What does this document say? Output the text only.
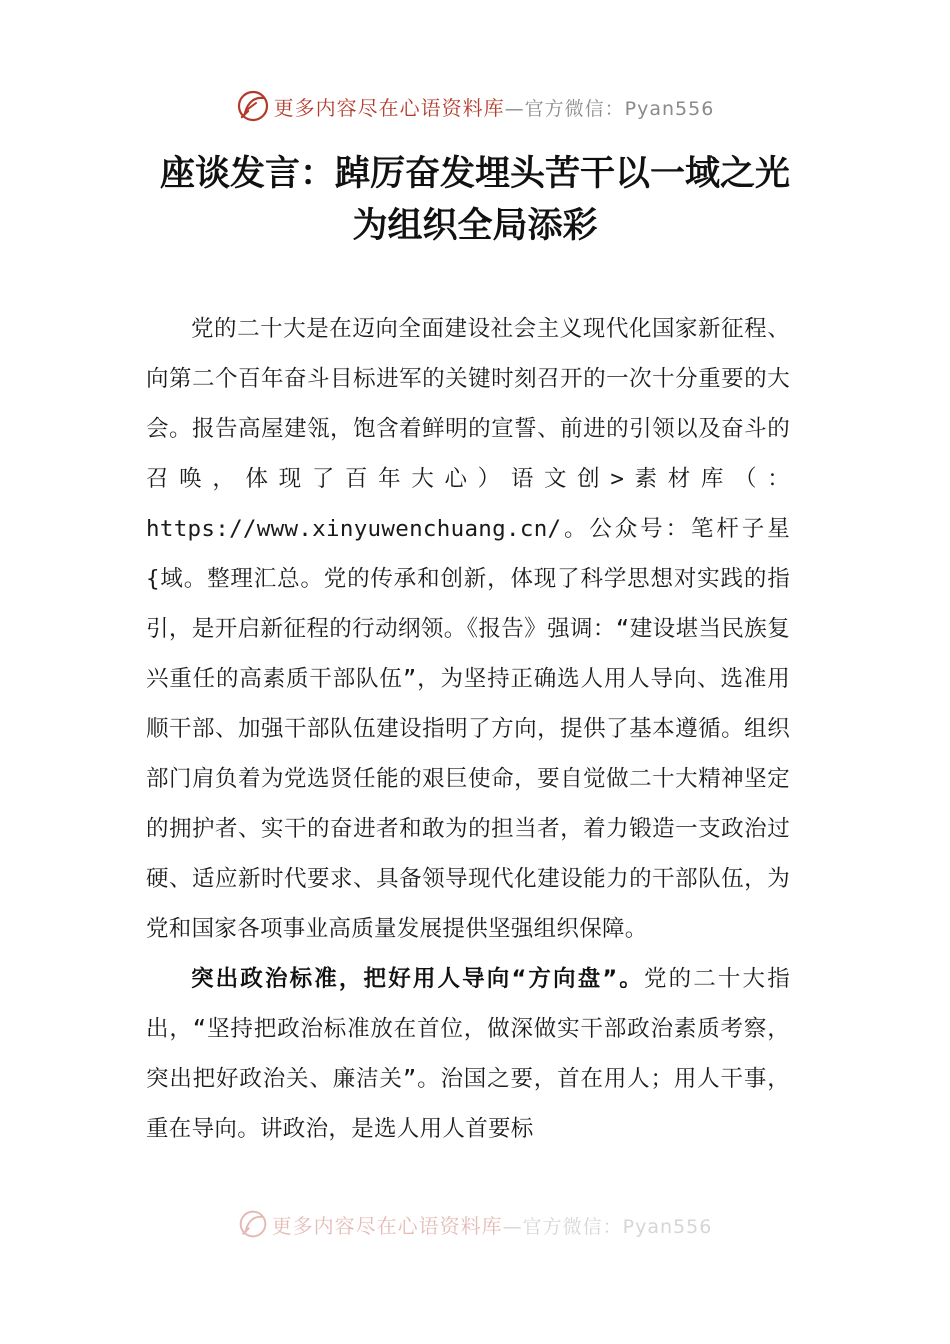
更多内容尽在心语资料库—官方微信：Pyan556
座谈发言：踔厉奋发埋头苦干以一域之光
为组织全局添彩

党的二十大是在迈向全面建设社会主义现代化国家新征程、向第二个百年奋斗目标进军的关键时刻召开的一次十分重要的大会。报告高屋建瓴，饱含着鲜明的宣誓、前进的引领以及奋斗的召唤，体现了百年大心）语文创>素材库（：https://www.xinyuwenchuang.cn/。公众号：笔杆子星{域。整理汇总。党的传承和创新，体现了科学思想对实践的指引，是开启新征程的行动纲领。《报告》强调：“建设堪当民族复兴重任的高素质干部队伍”，为坚持正确选人用人导向、选准用顺干部、加强干部队伍建设指明了方向，提供了基本遵循。组织部门肩负着为党选贤任能的艰巨使命，要自觉做二十大精神坚定的拥护者、实干的奋进者和敢为的担当者，着力锻造一支政治过硬、适应新时代要求、具备领导现代化建设能力的干部队伍，为党和国家各项事业高质量发展提供坚强组织保障。

突出政治标准，把好用人导向“方向盘”。党的二十大指出，“坚持把政治标准放在首位，做深做实干部政治素质考察，突出把好政治关、廉洁关”。治国之要，首在用人；用人干事，重在导向。讲政治，是选人用人首要标

更多内容尽在心语资料库—官方微信：Pyan556
